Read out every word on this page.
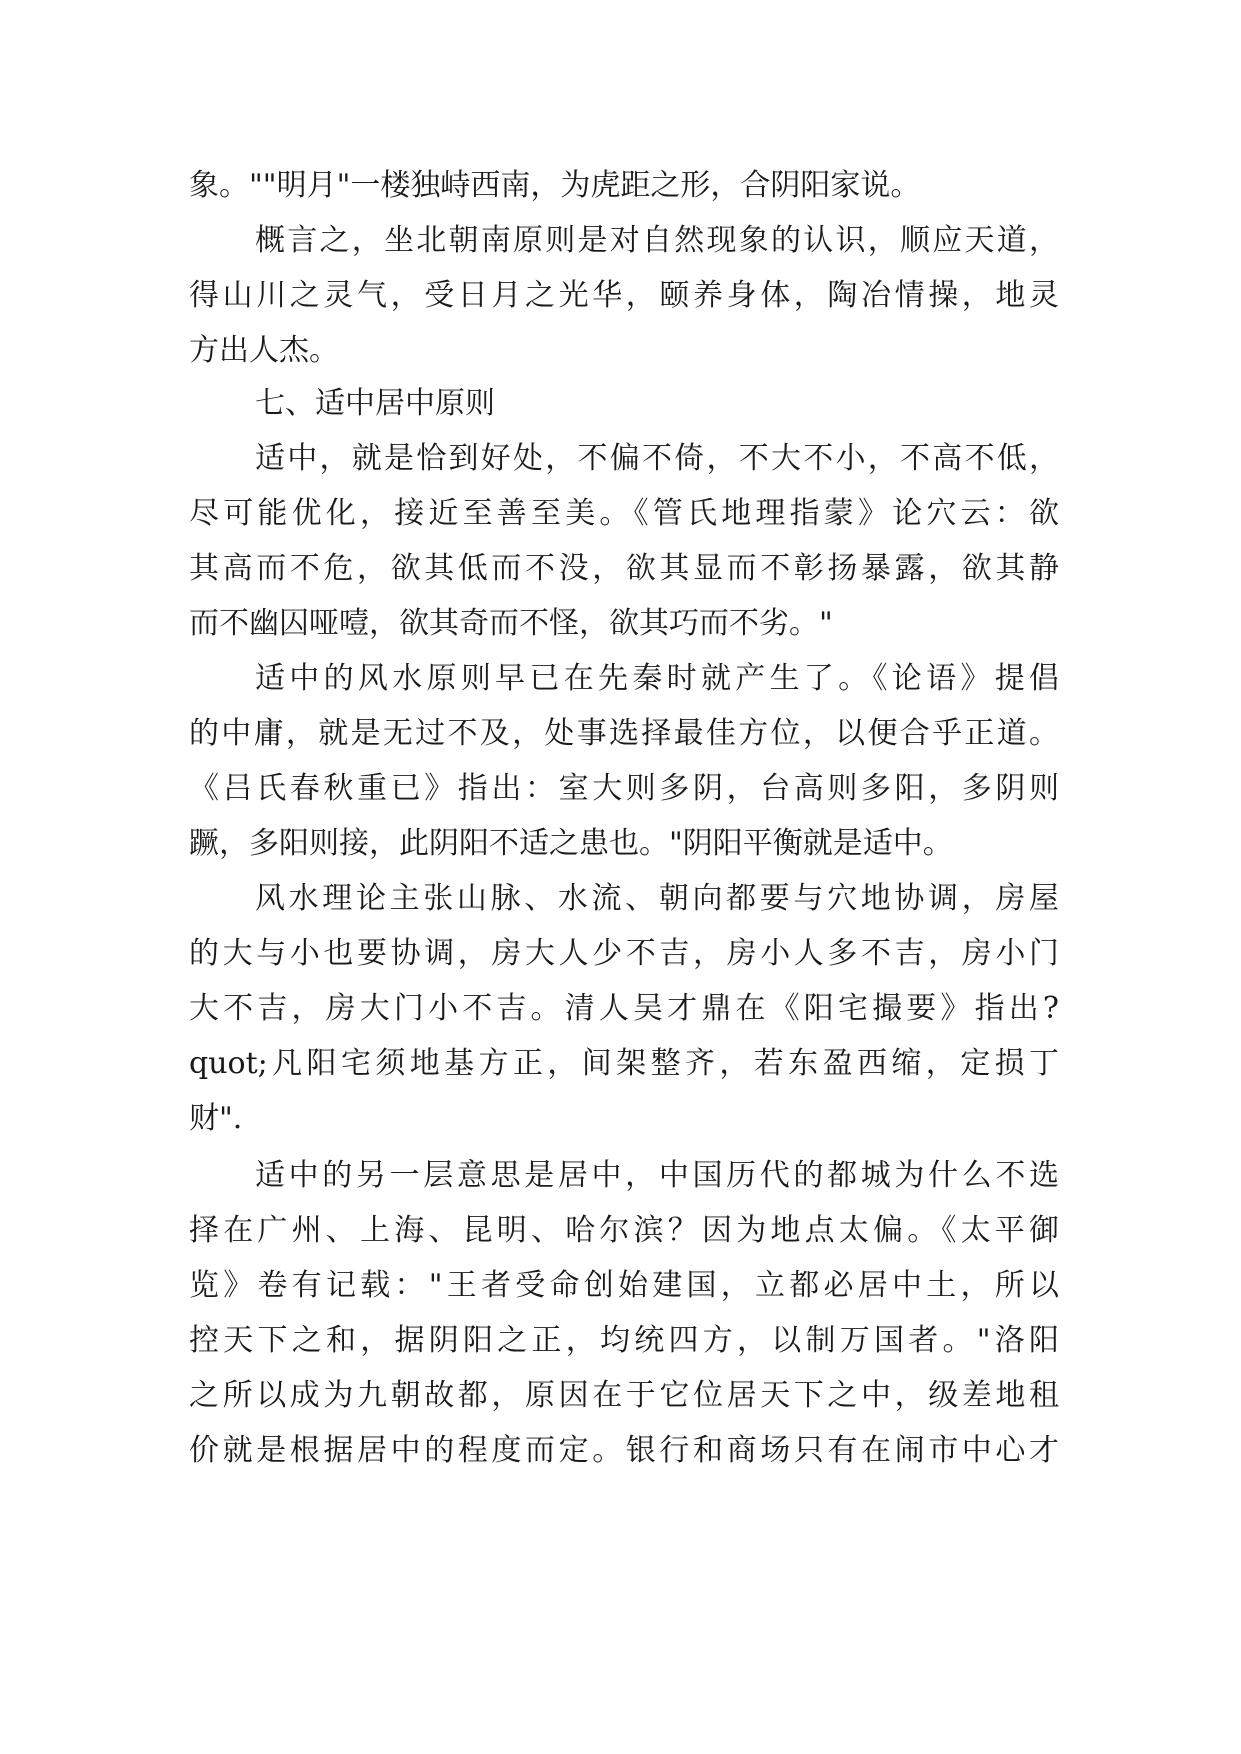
象。""明月"一楼独峙西南，为虎距之形，合阴阳家说。
概言之，坐北朝南原则是对自然现象的认识，顺应天道，
得山川之灵气，受日月之光华，颐养身体，陶冶情操，地灵
方出人杰。
七、适中居中原则
适中，就是恰到好处，不偏不倚，不大不小，不高不低，
尽可能优化，接近至善至美。《管氏地理指蒙》论穴云：欲
其高而不危，欲其低而不没，欲其显而不彰扬暴露，欲其静
而不幽囚哑噎，欲其奇而不怪，欲其巧而不劣。"
适中的风水原则早已在先秦时就产生了。《论语》提倡
的中庸，就是无过不及，处事选择最佳方位，以便合乎正道。
《吕氏春秋重已》指出：室大则多阴，台高则多阳，多阴则
蹶，多阳则接，此阴阳不适之患也。"阴阳平衡就是适中。
风水理论主张山脉、水流、朝向都要与穴地协调，房屋
的大与小也要协调，房大人少不吉，房小人多不吉，房小门
大不吉，房大门小不吉。清人吴才鼎在《阳宅撮要》指出?
quot;凡阳宅须地基方正，间架整齐，若东盈西缩，定损丁
财".
适中的另一层意思是居中，中国历代的都城为什么不选
择在广州、上海、昆明、哈尔滨？因为地点太偏。《太平御
览》卷有记载："王者受命创始建国，立都必居中土，所以
控天下之和，据阴阳之正，均统四方，以制万国者。"洛阳
之所以成为九朝故都，原因在于它位居天下之中，级差地租
价就是根据居中的程度而定。银行和商场只有在闹市中心才
